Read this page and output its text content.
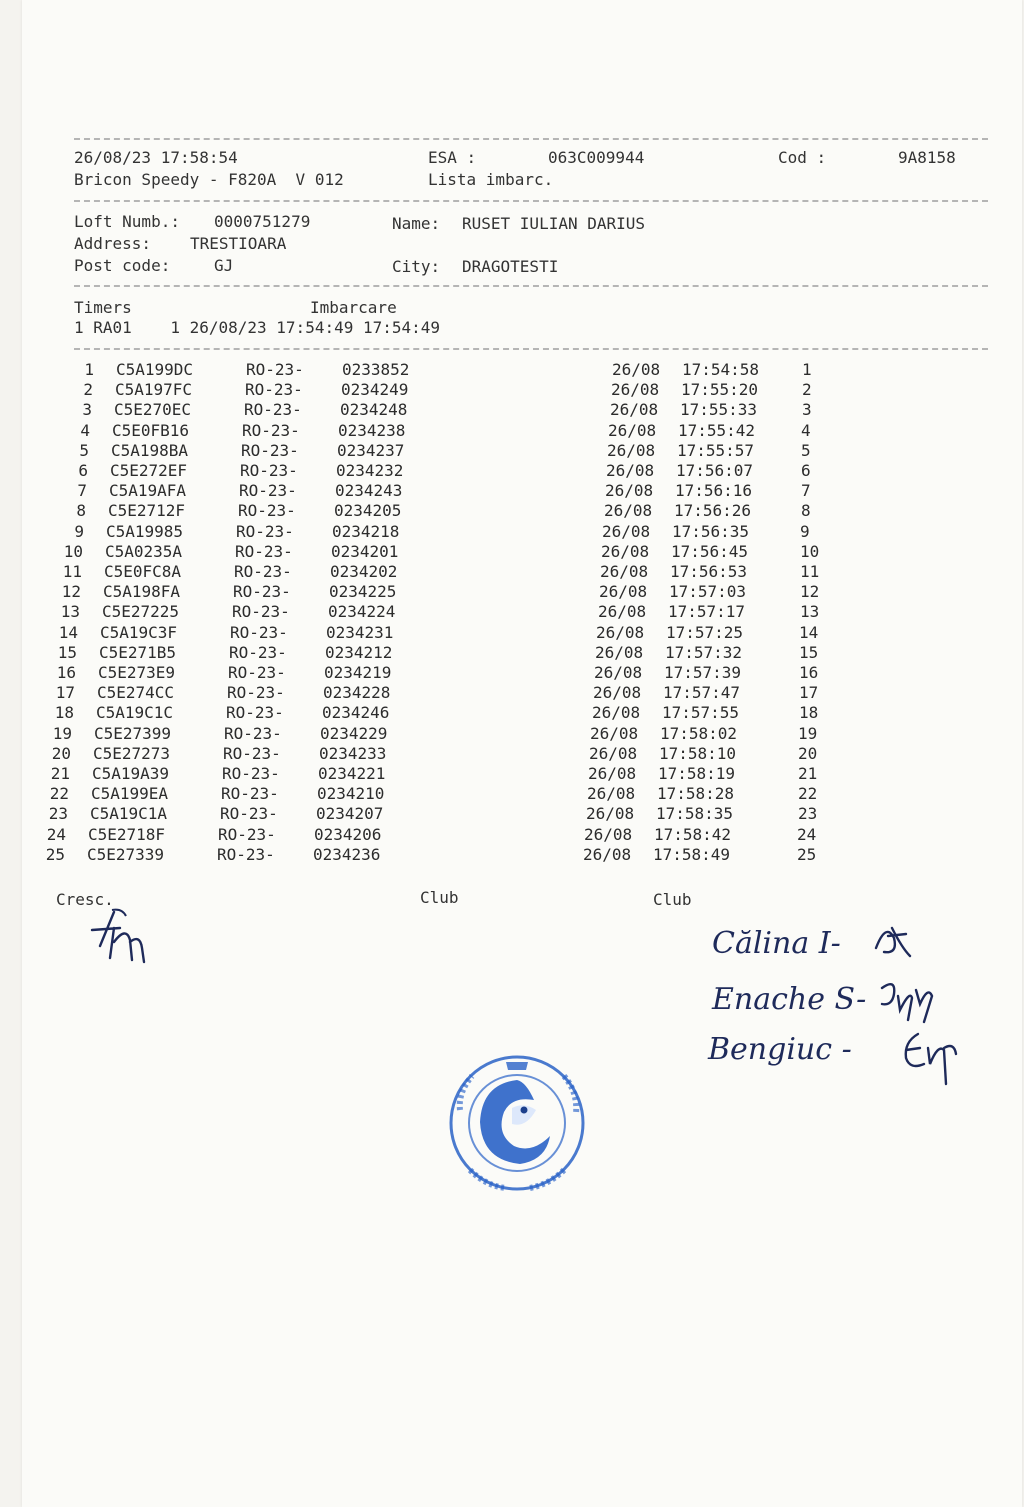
26/08/23 17:58:54	ESA :	063C009944	Cod :	9A8158
Bricon Speedy - F820A  V 012	Lista imbarc.
Loft Numb.: 0000751279	Name: RUSET IULIAN DARIUS
Address: TRESTIOARA
Post code:	GJ	City: DRAGOTESTI
Timers	Imbarcare
1 RA01    1 26/08/23 17:54:49 17:54:49
1 C5A199DC	RO-23- 0233852	26/08 17:54:58	1
2 C5A197FC	RO-23- 0234249	26/08 17:55:20	2
3 C5E270EC	RO-23- 0234248	26/08 17:55:33	3
4 C5E0FB16	RO-23- 0234238	26/08 17:55:42	4
5 C5A198BA	RO-23- 0234237	26/08 17:55:57	5
6 C5E272EF	RO-23- 0234232	26/08 17:56:07	6
7 C5A19AFA	RO-23- 0234243	26/08 17:56:16	7
8 C5E2712F	RO-23- 0234205	26/08 17:56:26	8
9 C5A19985	RO-23- 0234218	26/08 17:56:35	9
10 C5A0235A	RO-23- 0234201	26/08 17:56:45	10
11 C5E0FC8A	RO-23- 0234202	26/08 17:56:53	11
12 C5A198FA	RO-23- 0234225	26/08 17:57:03	12
13 C5E27225	RO-23- 0234224	26/08 17:57:17	13
14 C5A19C3F	RO-23- 0234231	26/08 17:57:25	14
15 C5E271B5	RO-23- 0234212	26/08 17:57:32	15
16 C5E273E9	RO-23- 0234219	26/08 17:57:39	16
17 C5E274CC	RO-23- 0234228	26/08 17:57:47	17
18 C5A19C1C	RO-23- 0234246	26/08 17:57:55	18
19 C5E27399	RO-23- 0234229	26/08 17:58:02	19
20 C5E27273	RO-23- 0234233	26/08 17:58:10	20
21 C5A19A39	RO-23- 0234221	26/08 17:58:19	21
22 C5A199EA	RO-23- 0234210	26/08 17:58:28	22
23 C5A19C1A	RO-23- 0234207	26/08 17:58:35	23
24 C5E2718F	RO-23- 0234206	26/08 17:58:42	24
25 C5E27339	RO-23- 0234236	26/08 17:58:49	25
Cresc.	Club	Club
Călina I-
Enache S-
Bengiuc -
